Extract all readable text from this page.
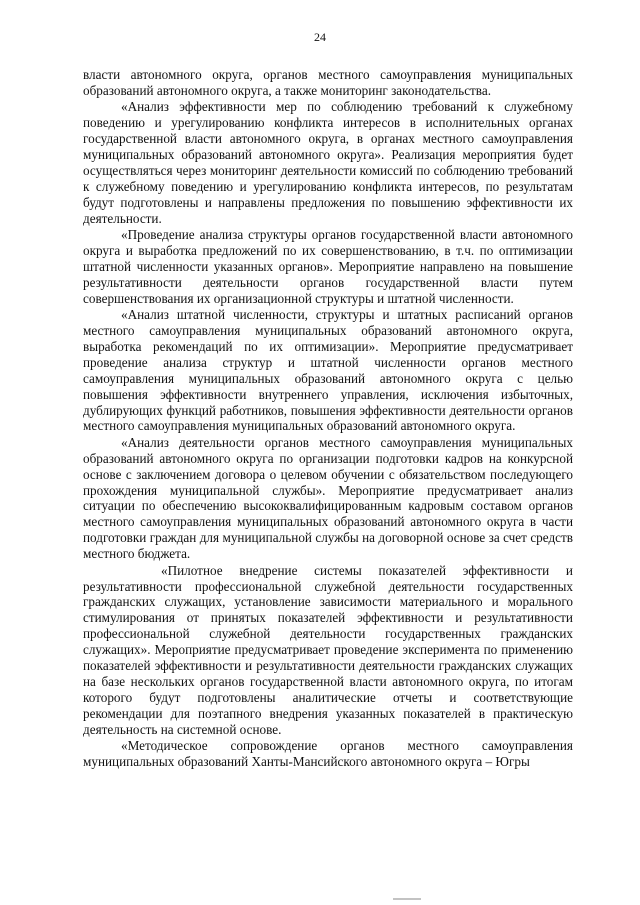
24

власти автономного округа, органов местного самоуправления муниципальных образований автономного округа, а также мониторинг законодательства.

«Анализ эффективности мер по соблюдению требований к служебному поведению и урегулированию конфликта интересов в исполнительных органах государственной власти автономного округа, в органах местного самоуправления муниципальных образований автономного округа». Реализация мероприятия будет осуществляться через мониторинг деятельности комиссий по соблюдению требований к служебному поведению и урегулированию конфликта интересов, по результатам будут подготовлены и направлены предложения по повышению эффективности их деятельности.

«Проведение анализа структуры органов государственной власти автономного округа и выработка предложений по их совершенствованию, в т.ч. по оптимизации штатной численности указанных органов». Мероприятие направлено на повышение результативности деятельности органов государственной власти путем совершенствования их организационной структуры и штатной численности.

«Анализ штатной численности, структуры и штатных расписаний органов местного самоуправления муниципальных образований автономного округа, выработка рекомендаций по их оптимизации». Мероприятие предусматривает проведение анализа структур и штатной численности органов местного самоуправления муниципальных образований автономного округа с целью повышения эффективности внутреннего управления, исключения избыточных, дублирующих функций работников, повышения эффективности деятельности органов местного самоуправления муниципальных образований автономного округа.

«Анализ деятельности органов местного самоуправления муниципальных образований автономного округа по организации подготовки кадров на конкурсной основе с заключением договора о целевом обучении с обязательством последующего прохождения муниципальной службы». Мероприятие предусматривает анализ ситуации по обеспечению высококвалифицированным кадровым составом органов местного самоуправления муниципальных образований автономного округа в части подготовки граждан для муниципальной службы на договорной основе за счет средств местного бюджета.

«Пилотное внедрение системы показателей эффективности и результативности профессиональной служебной деятельности государственных гражданских служащих, установление зависимости материального и морального стимулирования от принятых показателей эффективности и результативности профессиональной служебной деятельности государственных гражданских служащих». Мероприятие предусматривает проведение эксперимента по применению показателей эффективности и результативности деятельности гражданских служащих на базе нескольких органов государственной власти автономного округа, по итогам которого будут подготовлены аналитические отчеты и соответствующие рекомендации для поэтапного внедрения указанных показателей в практическую деятельность на системной основе.

«Методическое сопровождение органов местного самоуправления муниципальных образований Ханты-Мансийского автономного округа – Югры
